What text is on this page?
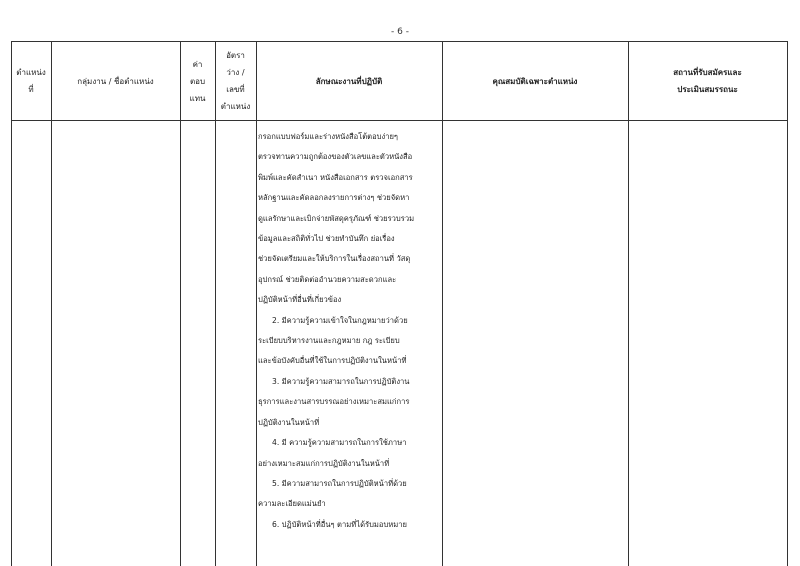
- 6 -
ตำแหน่ง
ที่
กลุ่มงาน / ชื่อตำแหน่ง
ค่า
ตอบ
แทน
อัตรา
ว่าง /
เลขที่
ตำแหน่ง
ลักษณะงานที่ปฏิบัติ	คุณสมบัติเฉพาะตำแหน่ง
สถานที่รับสมัครและ
ประเมินสมรรถนะ
กรอกแบบฟอร์มและร่างหนังสือโต้ตอบง่ายๆ
ตรวจทานความถูกต้องของตัวเลขและตัวหนังสือ
พิมพ์และคัดสำเนา หนังสือเอกสาร ตรวจเอกสาร
หลักฐานและคัดลอกลงรายการต่างๆ ช่วยจัดหา
ดูแลรักษาและเบิกจ่ายพัสดุครุภัณฑ์ ช่วยรวบรวม
ข้อมูลและสถิติทั่วไป ช่วยทำบันทึก ย่อเรื่อง
ช่วยจัดเตรียมและให้บริการในเรื่องสถานที่ วัสดุ
อุปกรณ์ ช่วยติดต่ออำนวยความสะดวกและ
ปฏิบัติหน้าที่อื่นที่เกี่ยวข้อง
2. มีความรู้ความเข้าใจในกฎหมายว่าด้วย
ระเบียบบริหารงานและกฎหมาย กฎ ระเบียบ
และข้อบังคับอื่นที่ใช้ในการปฏิบัติงานในหน้าที่
3. มีความรู้ความสามารถในการปฏิบัติงาน
ธุรการและงานสารบรรณอย่างเหมาะสมแก่การ
ปฏิบัติงานในหน้าที่
4. มี ความรู้ความสามารถในการใช้ภาษา
อย่างเหมาะสมแก่การปฏิบัติงานในหน้าที่
5. มีความสามารถในการปฏิบัติหน้าที่ด้วย
ความละเอียดแม่นยำ
6. ปฏิบัติหน้าที่อื่นๆ ตามที่ได้รับมอบหมาย
